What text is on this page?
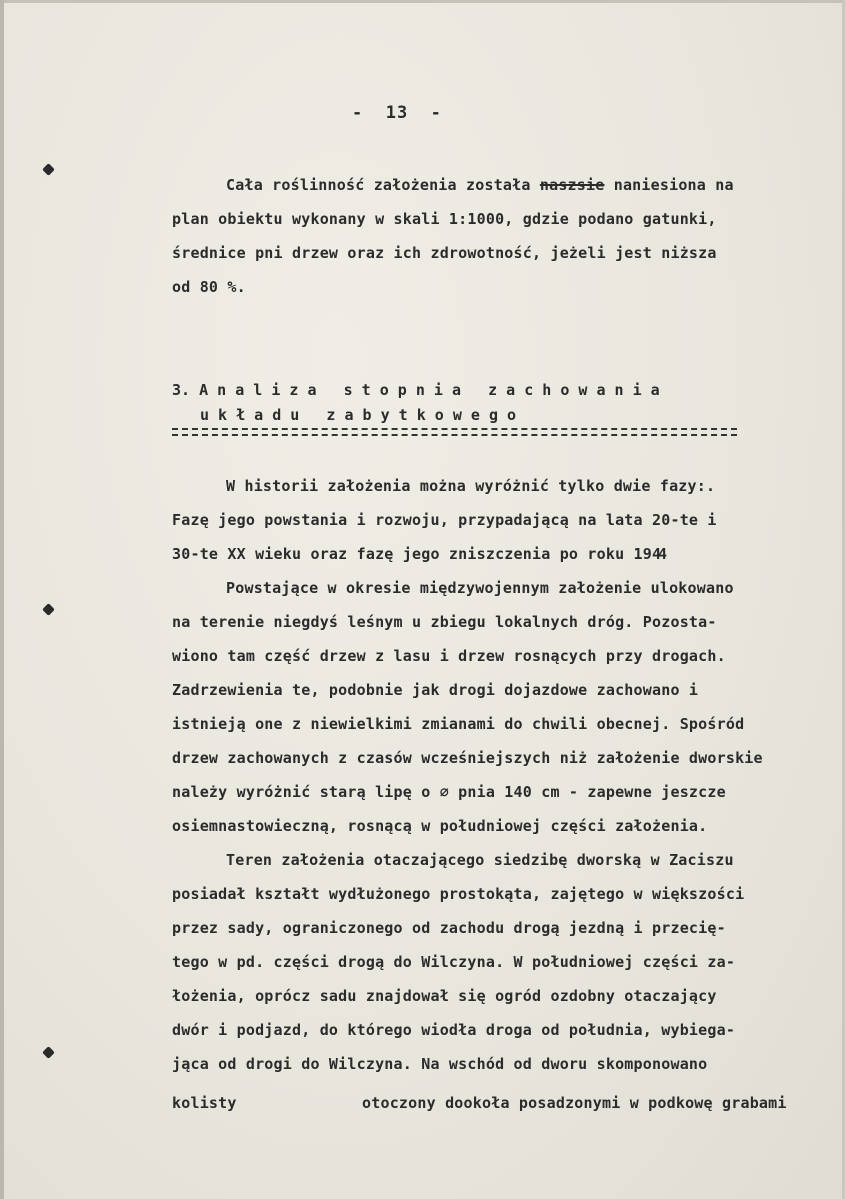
-  13  -
Cała roślinność założenia została naszsie naniesiona na
plan obiektu wykonany w skali 1:1000, gdzie podano gatunki,
średnice pni drzew oraz ich zdrowotność, jeżeli jest niższa
od 80 %.
3. A n a l i z a   s t o p n i a   z a c h o w a n i a
u k ł a d u   z a b y t k o w e g o
W historii założenia można wyróżnić tylko dwie fazy:.
Fazę jego powstania i rozwoju, przypadającą na lata 20-te i
30-te XX wieku oraz fazę jego zniszczenia po roku 1944
Powstające w okresie międzywojennym założenie ulokowano
na terenie niegdyś leśnym u zbiegu lokalnych dróg. Pozosta-
wiono tam część drzew z lasu i drzew rosnących przy drogach.
Zadrzewienia te, podobnie jak drogi dojazdowe zachowano i
istnieją one z niewielkimi zmianami do chwili obecnej. Spośród
drzew zachowanych z czasów wcześniejszych niż założenie dworskie
należy wyróżnić starą lipę o ∅ pnia 140 cm - zapewne jeszcze
osiemnastowieczną, rosnącą w południowej części założenia.
Teren założenia otaczającego siedzibę dworską w Zaciszu
posiadał kształt wydłużonego prostokąta, zajętego w większości
przez sady, ograniczonego od zachodu drogą jezdną i przecię-
tego w pd. części drogą do Wilczyna. W południowej części za-
łożenia, oprócz sadu znajdował się ogród ozdobny otaczający
dwór i podjazd, do którego wiodła droga od południa, wybiega-
jąca od drogi do Wilczyna. Na wschód od dworu skomponowano
kolisty	otoczony dookoła posadzonymi w podkowę grabami
